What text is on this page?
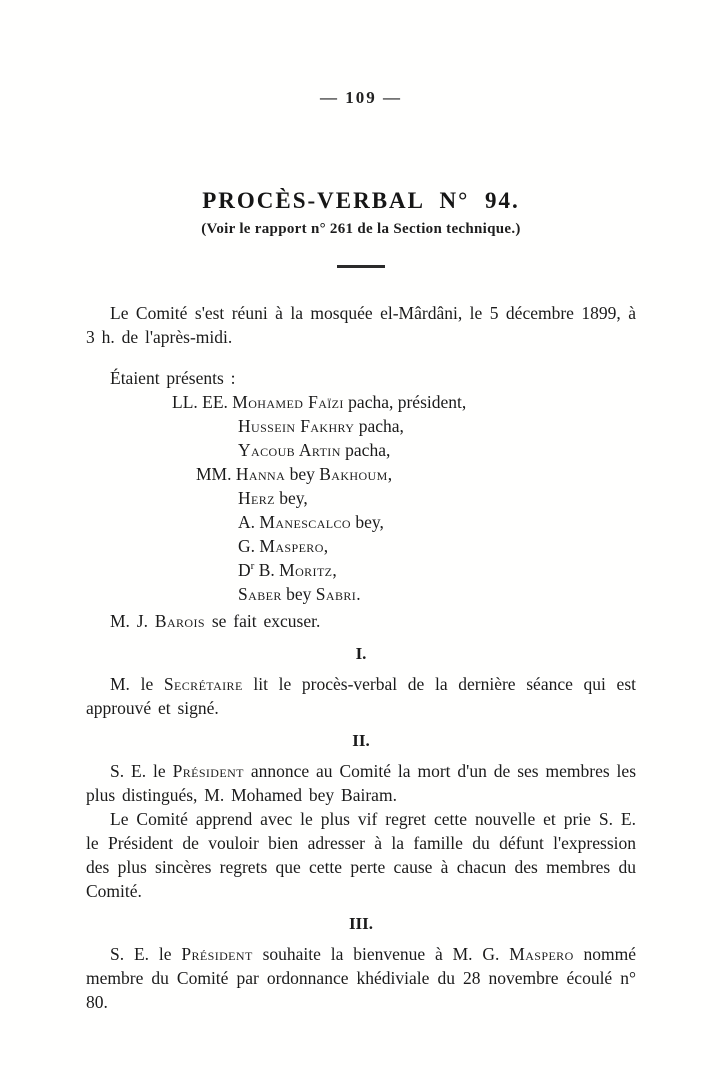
— 109 —
PROCÈS-VERBAL N° 94.
(Voir le rapport n° 261 de la Section technique.)

Le Comité s'est réuni à la mosquée el-Mârdâni, le 5 décembre 1899, à 3 h. de l'après-midi.

Étaient présents :

LL. EE. Mohamed Faïzi pacha, président,
Hussein Fakhry pacha,
Yacoub Artin pacha,
MM. Hanna bey Bakhoum,
Herz bey,
A. Manescalco bey,
G. Maspero,
$D^r$ B. Moritz,
Saber bey Sabri.

M. J. Barois se fait excuser.

I.

M. le Secrétaire lit le procès-verbal de la dernière séance qui est approuvé et signé.

II.

S. E. le Président annonce au Comité la mort d'un de ses membres les plus distingués, M. Mohamed bey Bairam.

Le Comité apprend avec le plus vif regret cette nouvelle et prie S. E. le Président de vouloir bien adresser à la famille du défunt l'expression des plus sincères regrets que cette perte cause à chacun des membres du Comité.

III.

S. E. le Président souhaite la bienvenue à M. G. Maspero nommé membre du Comité par ordonnance khédiviale du 28 novembre écoulé n° 80.
